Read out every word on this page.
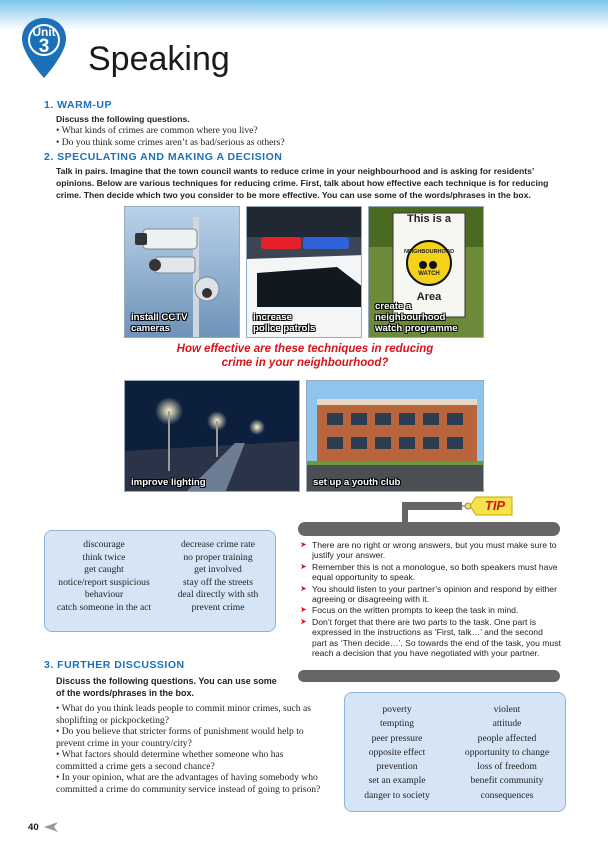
Unit
3	Speaking
1. WARM-UP
Discuss the following questions.
• What kinds of crimes are common where you live?
• Do you think some crimes aren’t as bad/serious as others?
2. SPECULATING AND MAKING A DECISION
Talk in pairs. Imagine that the town council wants to reduce crime in your neighbourhood and is asking for residents’
opinions. Below are various techniques for reducing crime. First, talk about how effective each technique is for reducing
crime. Then decide which two you consider to be more effective. You can use some of the words/phrases in the box.
install CCTV
cameras
increase
police patrols
This is a
NEIGHBOURHOOD
WATCH
Area
create a
neighbourhood
watch programme
How effective are these techniques in reducing
crime in your neighbourhood?
improve lighting	set up a youth club
discourage
think twice
get caught
notice/report suspicious
behaviour
catch someone in the act
decrease crime rate
no proper training
get involved
stay off the streets
deal directly with sth
prevent crime
TIP
➤ There are no right or wrong answers, but you must make sure to
justify your answer.
➤ Remember this is not a monologue, so both speakers must have
equal opportunity to speak.
➤ You should listen to your partner’s opinion and respond by either
agreeing or disagreeing with it.
➤ Focus on the written prompts to keep the task in mind.
➤ Don’t forget that there are two parts to the task. One part is
expressed in the instructions as ‘First, talk…’ and the second
part as ‘Then decide…’. So towards the end of the task, you must
reach a decision that you have negotiated with your partner.
3. FURTHER DISCUSSION
Discuss the following questions. You can use some
of the words/phrases in the box.
• What do you think leads people to commit minor crimes, such as
shoplifting or pickpocketing?
• Do you believe that stricter forms of punishment would help to
prevent crime in your country/city?
• What factors should determine whether someone who has
committed a crime gets a second chance?
• In your opinion, what are the advantages of having somebody who
committed a crime do community service instead of going to prison?
poverty
tempting
peer pressure
opposite effect
prevention
set an example
danger to society
violent
attitude
people affected
opportunity to change
loss of freedom
benefit community
consequences
40
